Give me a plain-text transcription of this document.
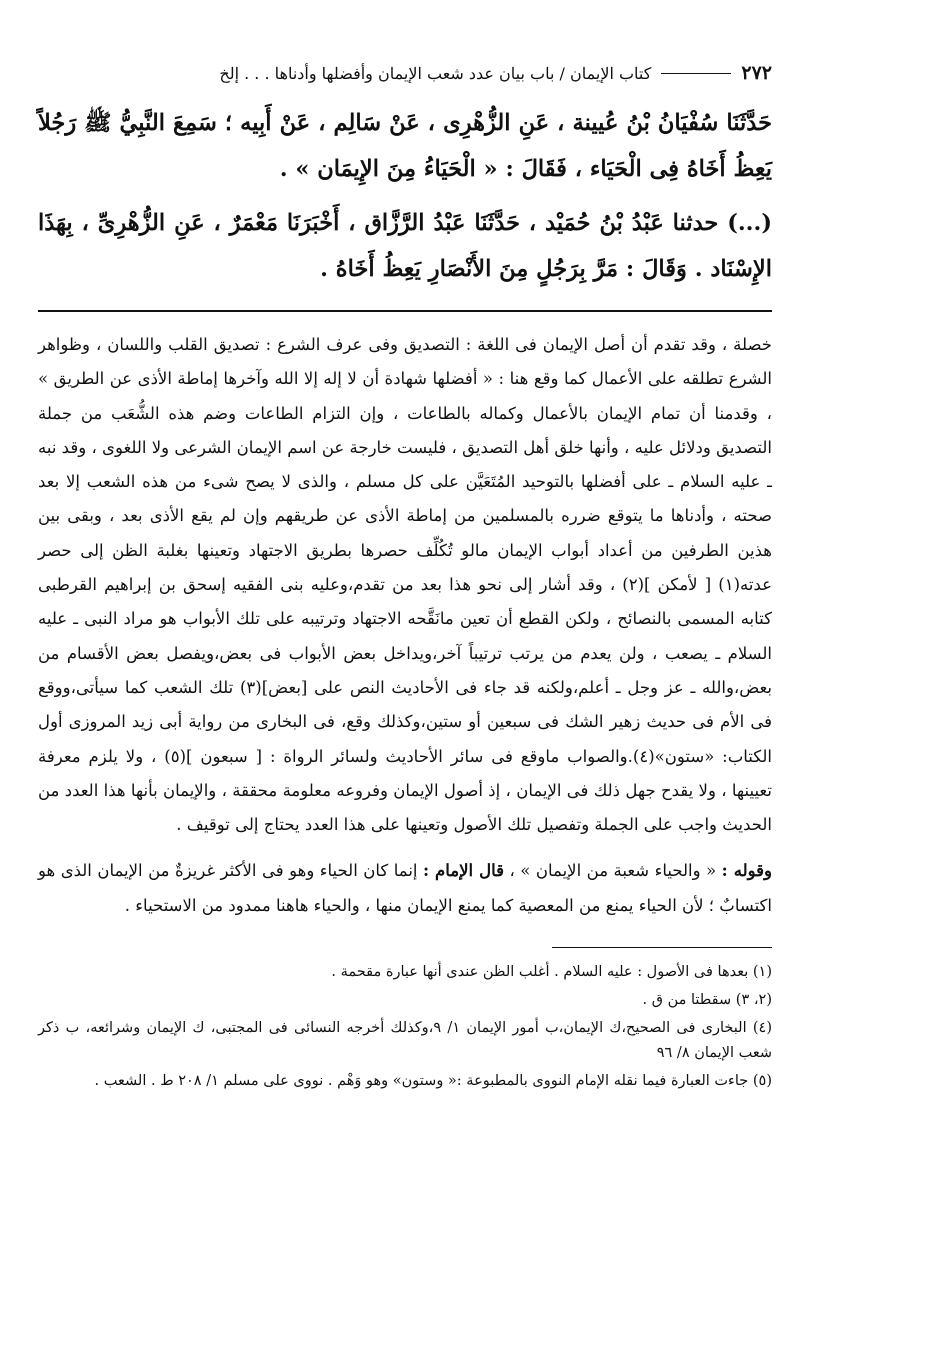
٢٧٢
كتاب الإيمان / باب بيان عدد شعب الإيمان وأفضلها وأدناها . . . إلخ

حَدَّثَنَا سُفْيَانُ بْنُ عُيينة ، عَنِ الزُّهْرِى ، عَنْ سَالِم ، عَنْ أَبِيه ؛ سَمِعَ النَّبِيُّ ﷺ رَجُلاً يَعِظُ أَخَاهُ فِى الْحَيَاء ، فَقَالَ : « الْحَيَاءُ مِنَ الإِيمَان » .

(...) حدثنا عَبْدُ بْنُ حُمَيْد ، حَدَّثَنَا عَبْدُ الرَّزَّاق ، أَخْبَرَنَا مَعْمَرٌ ، عَنِ الزُّهْرِىِّ ، بِهَذَا الإِسْنَاد . وَقَالَ : مَرَّ بِرَجُلٍ مِنَ الأَنْصَارِ يَعِظُ أَخَاهُ .

خصلة ، وقد تقدم أن أصل الإيمان فى اللغة : التصديق وفى عرف الشرع : تصديق القلب واللسان ، وظواهر الشرع تطلقه على الأعمال كما وقع هنا : « أفضلها شهادة أن لا إله إلا الله وآخرها إماطة الأذى عن الطريق » ، وقدمنا أن تمام الإيمان بالأعمال وكماله بالطاعات ، وإن التزام الطاعات وضم هذه الشُّعَب من جملة التصديق ودلائل عليه ، وأنها خلق أهل التصديق ، فليست خارجة عن اسم الإيمان الشرعى ولا اللغوى ، وقد نبه ـ عليه السلام ـ على أفضلها بالتوحيد المُتَعَيَّن على كل مسلم ، والذى لا يصح شىء من هذه الشعب إلا بعد صحته ، وأدناها ما يتوقع ضرره بالمسلمين من إماطة الأذى عن طريقهم وإن لم يقع الأذى بعد ، وبقى بين هذين الطرفين من أعداد أبواب الإيمان مالو تُكُلِّف حصرها بطريق الاجتهاد وتعينها بغلبة الظن إلى حصر عدته(١) [ لأمكن ](٢) ، وقد أشار إلى نحو هذا بعد من تقدم،وعليه بنى الفقيه إسحق بن إبراهيم القرطبى كتابه المسمى بالنصائح ، ولكن القطع أن تعين مانَقَّحه الاجتهاد وترتيبه على تلك الأبواب هو مراد النبى ـ عليه السلام ـ يصعب ، ولن يعدم من يرتب ترتيباً آخر،ويداخل بعض الأبواب فى بعض،ويفصل بعض الأقسام من بعض،والله ـ عز وجل ـ أعلم،ولكنه قد جاء فى الأحاديث النص على [بعض](٣) تلك الشعب كما سيأتى،ووقع فى الأم فى حديث زهير الشك فى سبعين أو ستين،وكذلك وقع، فى البخارى من رواية أبى زيد المروزى أول الكتاب: «ستون»(٤).والصواب ماوقع فى سائر الأحاديث ولسائر الرواة : [ سبعون ](٥) ، ولا يلزم معرفة تعيينها ، ولا يقدح جهل ذلك فى الإيمان ، إذ أصول الإيمان وفروعه معلومة محققة ، والإيمان بأنها هذا العدد من الحديث واجب على الجملة وتفصيل تلك الأصول وتعينها على هذا العدد يحتاج إلى توقيف .

وقوله : « والحياء شعبة من الإيمان » ، قال الإمام : إنما كان الحياء وهو فى الأكثر غريزةٌ من الإيمان الذى هو اكتسابٌ ؛ لأن الحياء يمنع من المعصية كما يمنع الإيمان منها ، والحياء هاهنا ممدود من الاستحياء .

(١) بعدها فى الأصول : عليه السلام . أغلب الظن عندى أنها عبارة مقحمة .

(٢، ٣) سقطتا من ق .

(٤) البخارى فى الصحيح،ك الإيمان،ب أمور الإيمان ١/ ٩،وكذلك أخرجه النسائى فى المجتبى، ك الإيمان وشرائعه، ب ذكر شعب الإيمان ٨/ ٩٦

(٥) جاءت العبارة فيما نقله الإمام النووى بالمطبوعة :« وستون» وهو وَهْم . نووى على مسلم ١/ ٢٠٨ ط . الشعب .
